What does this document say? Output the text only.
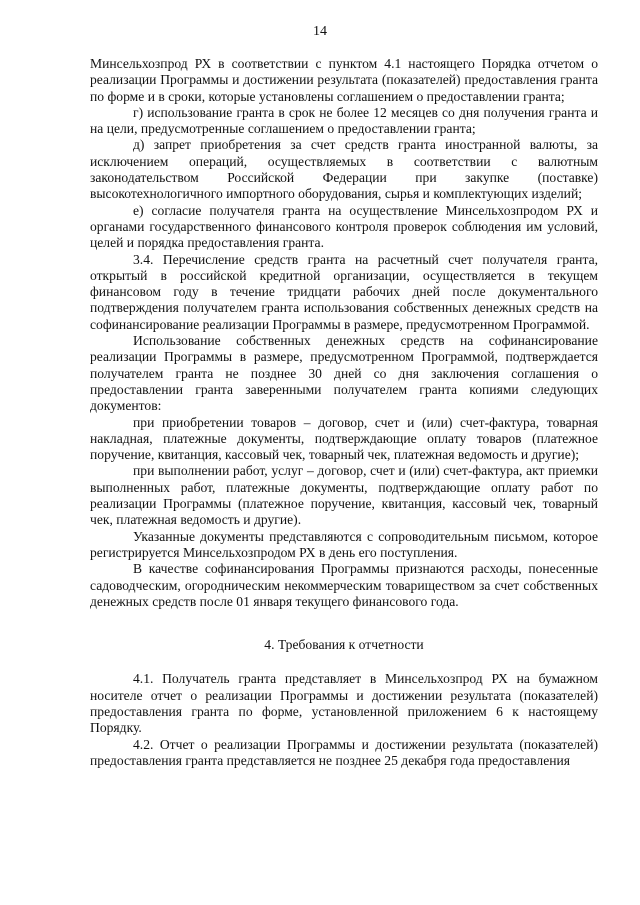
14

Минсельхозпрод РХ в соответствии с пунктом 4.1 настоящего Порядка отчетом о реализации Программы и достижении результата (показателей) предоставления гранта по форме и в сроки, которые установлены соглашением о предоставлении гранта;

г) использование гранта в срок не более 12 месяцев со дня получения гранта и на цели, предусмотренные соглашением о предоставлении гранта;

д) запрет приобретения за счет средств гранта иностранной валюты, за исключением операций, осуществляемых в соответствии с валютным законодательством Российской Федерации при закупке (поставке) высокотехнологичного импортного оборудования, сырья и комплектующих изделий;

е) согласие получателя гранта на осуществление Минсельхозпродом РХ и органами государственного финансового контроля проверок соблюдения им условий, целей и порядка предоставления гранта.

3.4. Перечисление средств гранта на расчетный счет получателя гранта, открытый в российской кредитной организации, осуществляется в текущем финансовом году в течение тридцати рабочих дней после документального подтверждения получателем гранта использования собственных денежных средств на софинансирование реализации Программы в размере, предусмотренном Программой.

Использование собственных денежных средств на софинансирование реализации Программы в размере, предусмотренном Программой, подтверждается получателем гранта не позднее 30 дней со дня заключения соглашения о предоставлении гранта заверенными получателем гранта копиями следующих документов:

при приобретении товаров – договор, счет и (или) счет-фактура, товарная накладная, платежные документы, подтверждающие оплату товаров (платежное поручение, квитанция, кассовый чек, товарный чек, платежная ведомость и другие);

при выполнении работ, услуг – договор, счет и (или) счет-фактура, акт приемки выполненных работ, платежные документы, подтверждающие оплату работ по реализации Программы (платежное поручение, квитанция, кассовый чек, товарный чек, платежная ведомость и другие).

Указанные документы представляются с сопроводительным письмом, которое регистрируется Минсельхозпродом РХ в день его поступления.

В качестве софинансирования Программы признаются расходы, понесенные садоводческим, огородническим некоммерческим товариществом за счет собственных денежных средств после 01 января текущего финансового года.

4. Требования к отчетности

4.1. Получатель гранта представляет в Минсельхозпрод РХ на бумажном носителе отчет о реализации Программы и достижении результата (показателей) предоставления гранта по форме, установленной приложением 6 к настоящему Порядку.

4.2. Отчет о реализации Программы и достижении результата (показателей) предоставления гранта представляется не позднее 25 декабря года предоставления
